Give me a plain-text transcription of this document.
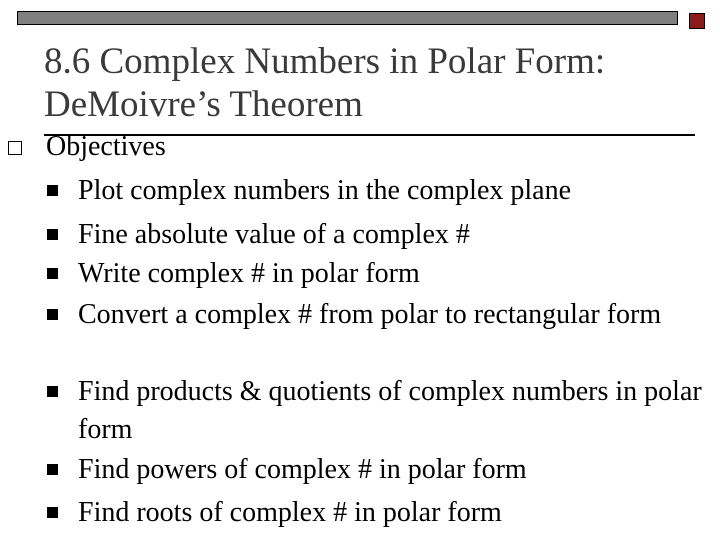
8.6 Complex Numbers in Polar Form:
DeMoivre’s Theorem
Objectives
Plot complex numbers in the complex plane
Fine absolute value of a complex #
Write complex # in polar form
Convert a complex # from polar to rectangular form
Find products & quotients of complex numbers in polar form
Find powers of complex # in polar form
Find roots of complex # in polar form
